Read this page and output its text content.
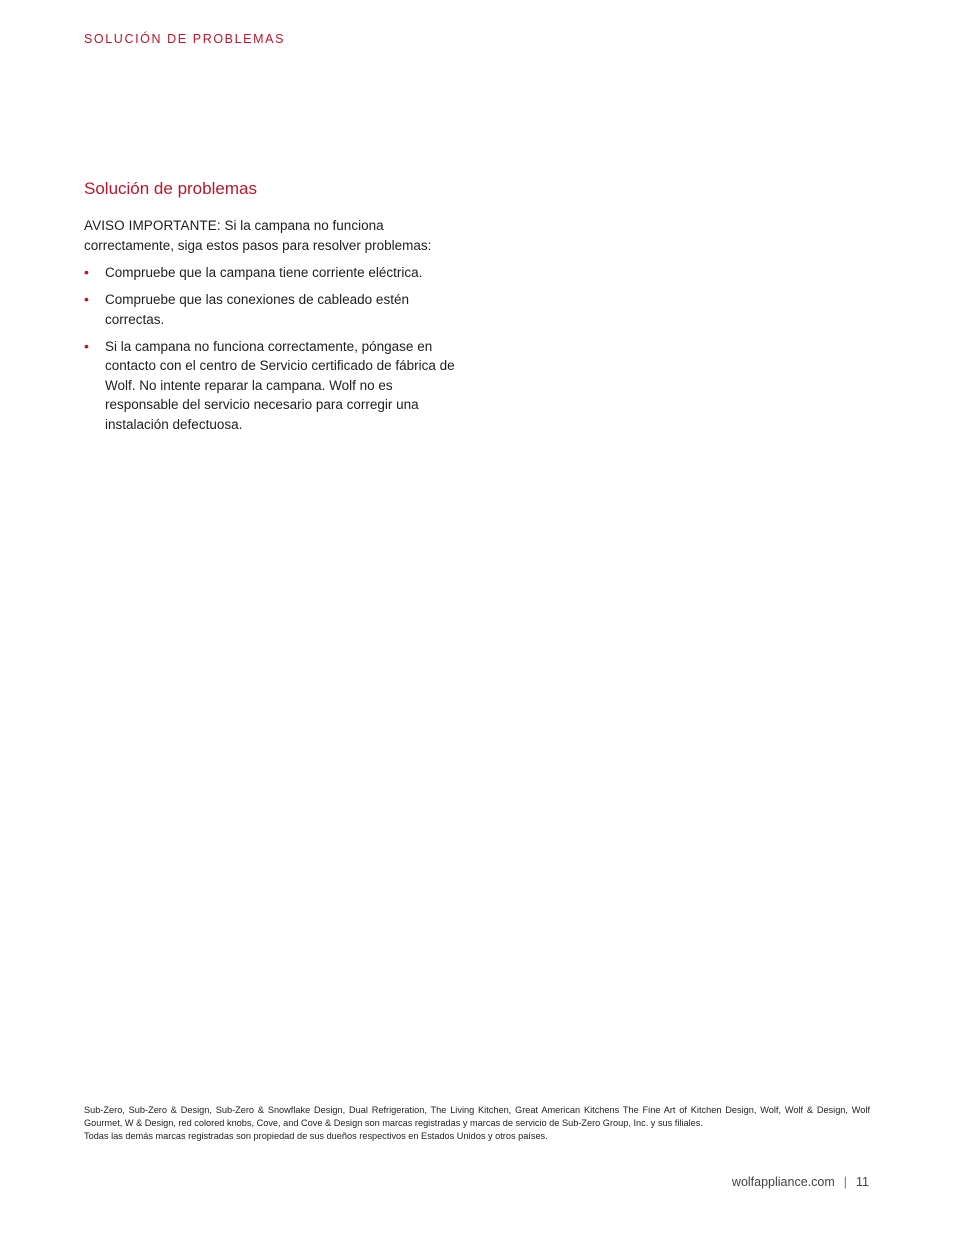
SOLUCIÓN DE PROBLEMAS
Solución de problemas

AVISO IMPORTANTE: Si la campana no funciona correctamente, siga estos pasos para resolver problemas:

• Compruebe que la campana tiene corriente eléctrica.
• Compruebe que las conexiones de cableado estén correctas.
• Si la campana no funciona correctamente, póngase en contacto con el centro de Servicio certificado de fábrica de Wolf. No intente reparar la campana. Wolf no es responsable del servicio necesario para corregir una instalación defectuosa.

Sub-Zero, Sub-Zero & Design, Sub-Zero & Snowflake Design, Dual Refrigeration, The Living Kitchen, Great American Kitchens The Fine Art of Kitchen Design, Wolf, Wolf & Design, Wolf Gourmet, W & Design, red colored knobs, Cove, and Cove & Design son marcas registradas y marcas de servicio de Sub-Zero Group, Inc. y sus filiales.

Todas las demás marcas registradas son propiedad de sus dueños respectivos en Estados Unidos y otros países.

wolfappliance.com | 11
